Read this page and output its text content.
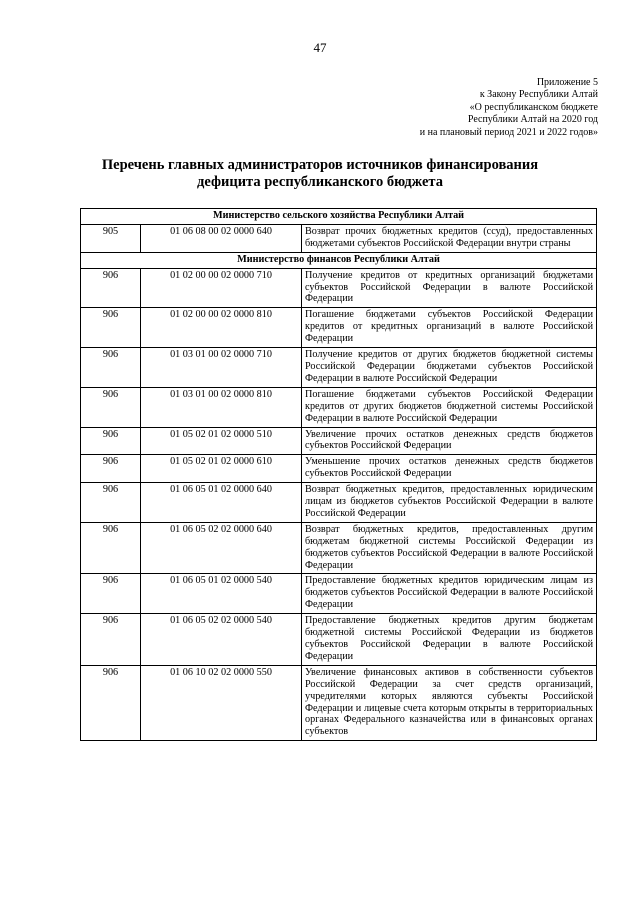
47
Приложение 5
к Закону Республики Алтай
«О республиканском бюджете
Республики Алтай на 2020 год
и на плановый период 2021 и 2022 годов»
Перечень главных администраторов источников финансирования
дефицита республиканского бюджета
Министерство сельского хозяйства Республики Алтай		
905	01 06 08 00 02 0000 640	Возврат прочих бюджетных кредитов (ссуд), предоставленных бюджетами субъектов Российской Федерации внутри страны
Министерство финансов Республики Алтай		
906	01 02 00 00 02 0000 710	Получение кредитов от кредитных организаций бюджетами субъектов Российской Федерации в валюте Российской Федерации
906	01 02 00 00 02 0000 810	Погашение бюджетами субъектов Российской Федерации кредитов от кредитных организаций в валюте Российской Федерации
906	01 03 01 00 02 0000 710	Получение кредитов от других бюджетов бюджетной системы Российской Федерации бюджетами субъектов Российской Федерации в валюте Российской Федерации
906	01 03 01 00 02 0000 810	Погашение бюджетами субъектов Российской Федерации кредитов от других бюджетов бюджетной системы Российской Федерации в валюте Российской Федерации
906	01 05 02 01 02 0000 510	Увеличение прочих остатков денежных средств бюджетов субъектов Российской Федерации
906	01 05 02 01 02 0000 610	Уменьшение прочих остатков денежных средств бюджетов субъектов Российской Федерации
906	01 06 05 01 02 0000 640	Возврат бюджетных кредитов, предоставленных юридическим лицам из бюджетов субъектов Российской Федерации в валюте Российской Федерации
906	01 06 05 02 02 0000 640	Возврат бюджетных кредитов, предоставленных другим бюджетам бюджетной системы Российской Федерации из бюджетов субъектов Российской Федерации в валюте Российской Федерации
906	01 06 05 01 02 0000 540	Предоставление бюджетных кредитов юридическим лицам из бюджетов субъектов Российской Федерации в валюте Российской Федерации
906	01 06 05 02 02 0000 540	Предоставление бюджетных кредитов другим бюджетам бюджетной системы Российской Федерации из бюджетов субъектов Российской Федерации в валюте Российской Федерации
906	01 06 10 02 02 0000 550	Увеличение финансовых активов в собственности субъектов Российской Федерации за счет средств организаций, учредителями которых являются субъекты Российской Федерации и лицевые счета которым открыты в территориальных органах Федерального казначейства или в финансовых органах субъектов
